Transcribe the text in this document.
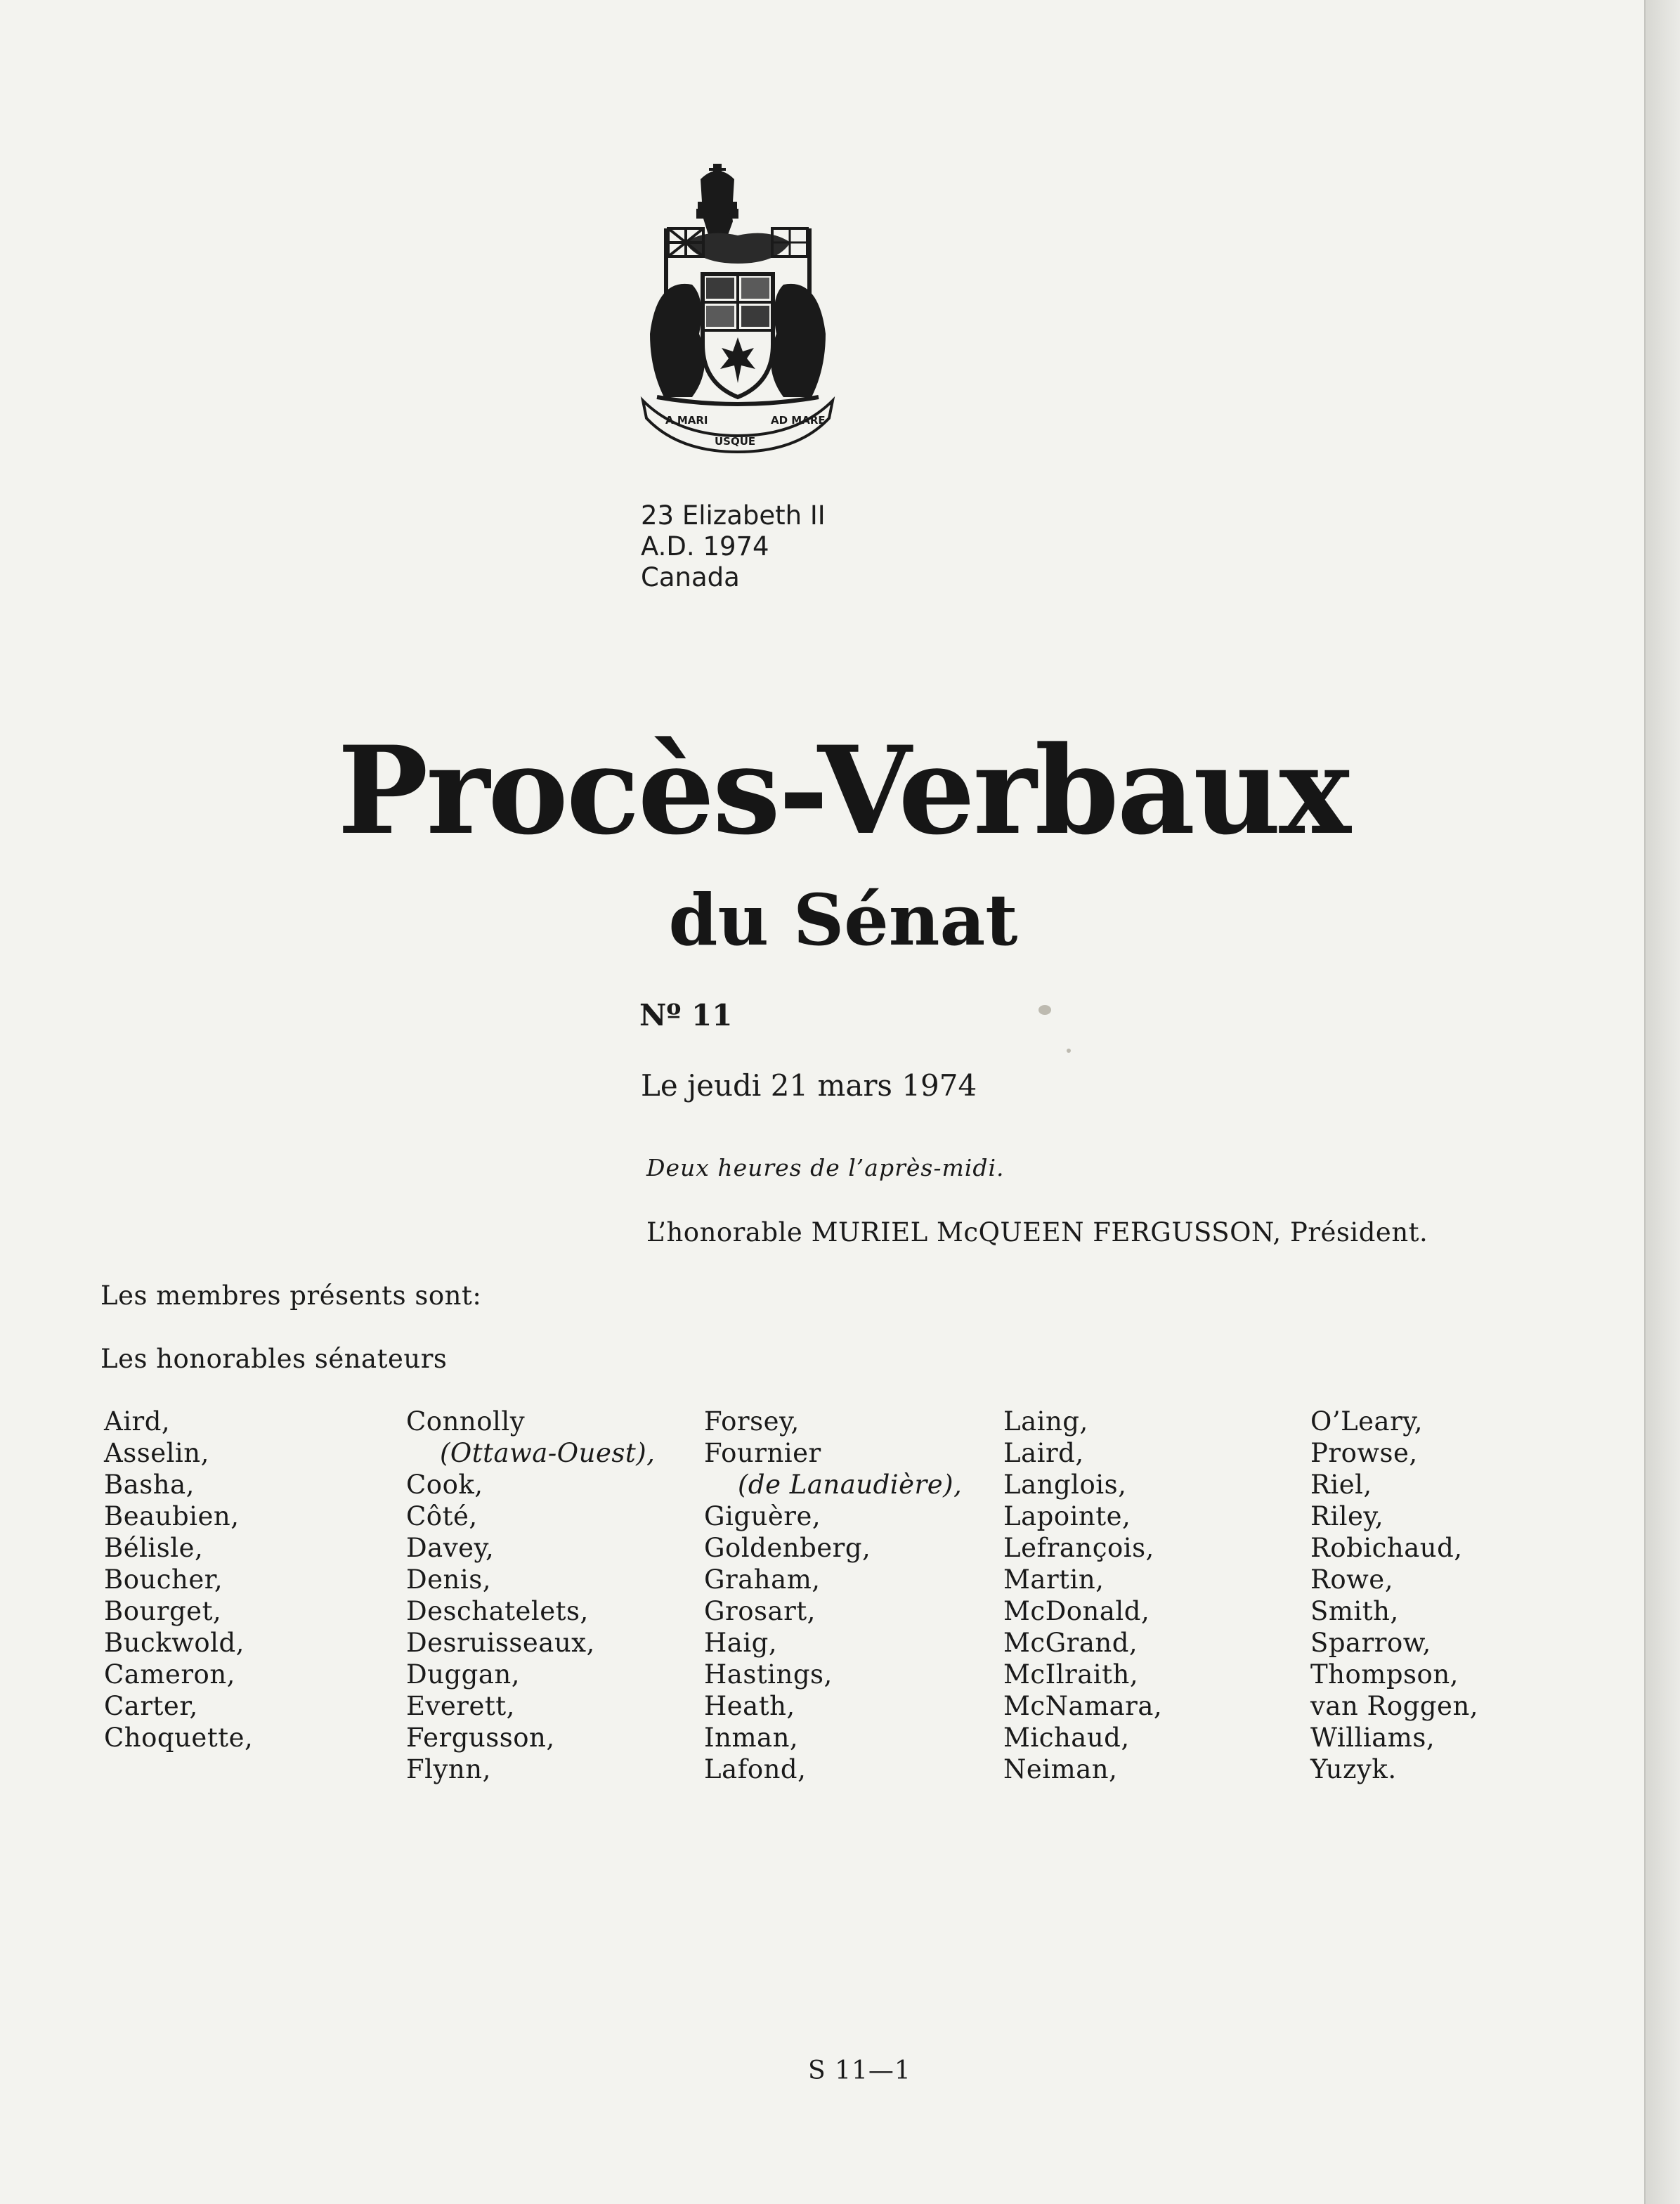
A MARI
USQUE
AD MARE
23 Elizabeth II
A.D. 1974
Canada
Procès-Verbaux
du Sénat
Nº 11
Le jeudi 21 mars 1974
Deux heures de l’après-midi.
L’honorable MURIEL McQUEEN FERGUSSON, Président.
Les membres présents sont:
Les honorables sénateurs
Aird,
Asselin,
Basha,
Beaubien,
Bélisle,
Boucher,
Bourget,
Buckwold,
Cameron,
Carter,
Choquette,
Connolly
(Ottawa-Ouest),
Cook,
Côté,
Davey,
Denis,
Deschatelets,
Desruisseaux,
Duggan,
Everett,
Fergusson,
Flynn,
Forsey,
Fournier
(de Lanaudière),
Giguère,
Goldenberg,
Graham,
Grosart,
Haig,
Hastings,
Heath,
Inman,
Lafond,
Laing,
Laird,
Langlois,
Lapointe,
Lefrançois,
Martin,
McDonald,
McGrand,
McIlraith,
McNamara,
Michaud,
Neiman,
O’Leary,
Prowse,
Riel,
Riley,
Robichaud,
Rowe,
Smith,
Sparrow,
Thompson,
van Roggen,
Williams,
Yuzyk.
S 11—1
